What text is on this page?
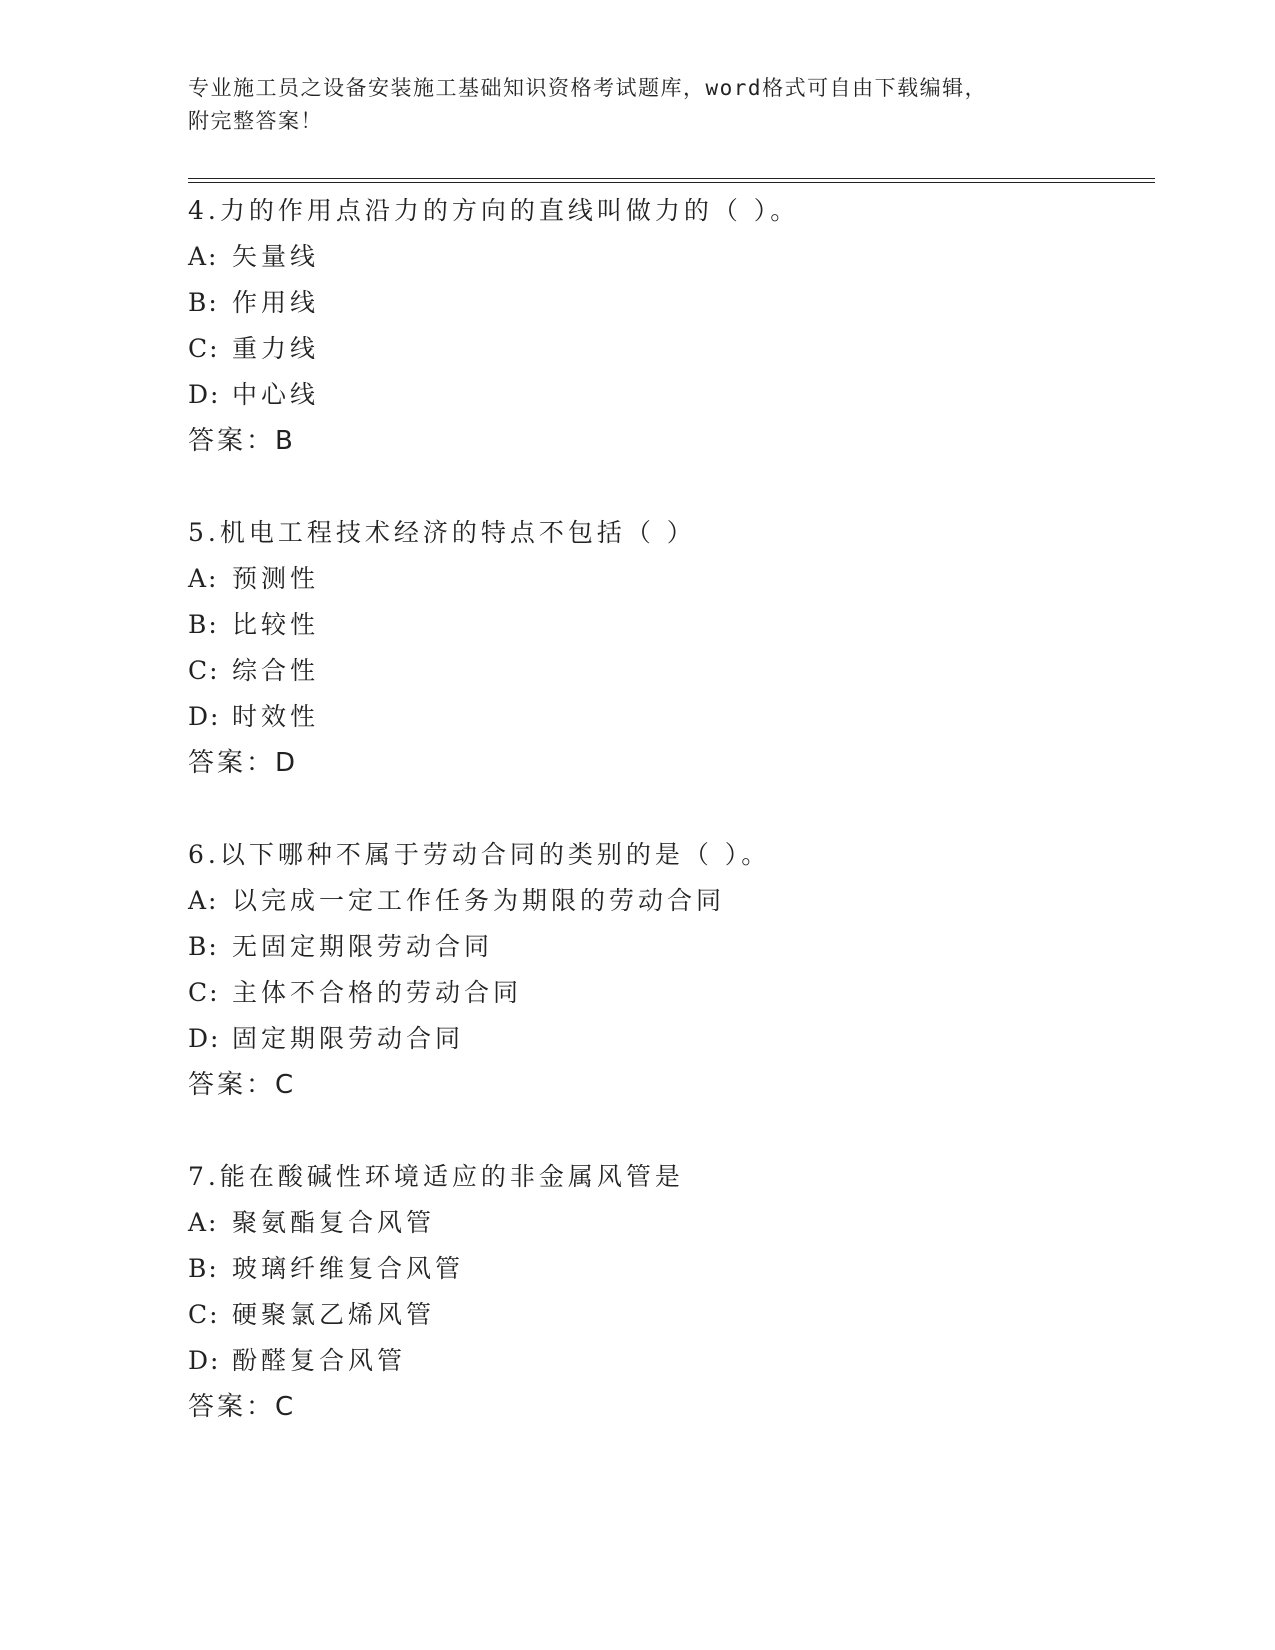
专业施工员之设备安装施工基础知识资格考试题库，word格式可自由下载编辑，
附完整答案！
4.力的作用点沿力的方向的直线叫做力的（ ）。
A: 矢量线
B: 作用线
C: 重力线
D: 中心线
答案：B
5.机电工程技术经济的特点不包括（ ）
A: 预测性
B: 比较性
C: 综合性
D: 时效性
答案：D
6.以下哪种不属于劳动合同的类别的是（ ）。
A: 以完成一定工作任务为期限的劳动合同
B: 无固定期限劳动合同
C: 主体不合格的劳动合同
D: 固定期限劳动合同
答案：C
7.能在酸碱性环境适应的非金属风管是
A: 聚氨酯复合风管
B: 玻璃纤维复合风管
C: 硬聚氯乙烯风管
D: 酚醛复合风管
答案：C
